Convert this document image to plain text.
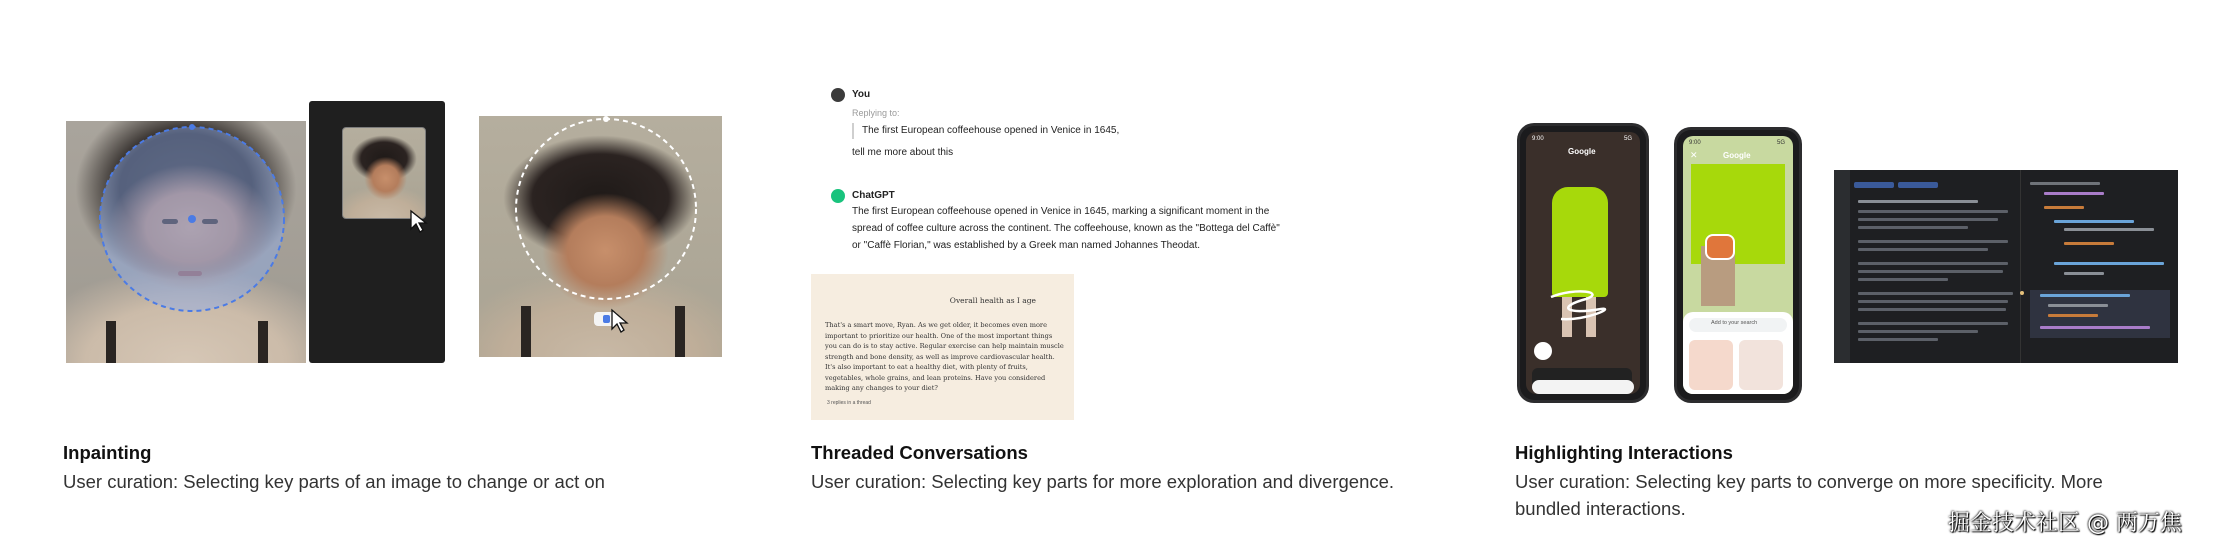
Inpainting
User curation: Selecting key parts of an image to change or act on
You
Replying to:
The first European coffeehouse opened in Venice in 1645,
tell me more about this
ChatGPT
The first European coffeehouse opened in Venice in 1645, marking a significant moment in the
spread of coffee culture across the continent. The coffeehouse, known as the "Bottega del Caffè"
or "Caffè Florian," was established by a Greek man named Johannes Theodat.
Overall health as I age
That's a smart move, Ryan. As we get older, it becomes even more
important to prioritize our health. One of the most important things
you can do is to stay active. Regular exercise can help maintain muscle
strength and bone density, as well as improve cardiovascular health.
It's also important to eat a healthy diet, with plenty of fruits,
vegetables, whole grains, and lean proteins. Have you considered
making any changes to your diet?
3 replies in a thread
Threaded Conversations
User curation: Selecting key parts for more exploration and divergence.
9:00	5G
Google
9:00	5G
✕	Google
Add to your search
Highlighting Interactions
User curation: Selecting key parts to converge on more specificity. More
bundled interactions.
掘金技术社区 @ 两万焦
